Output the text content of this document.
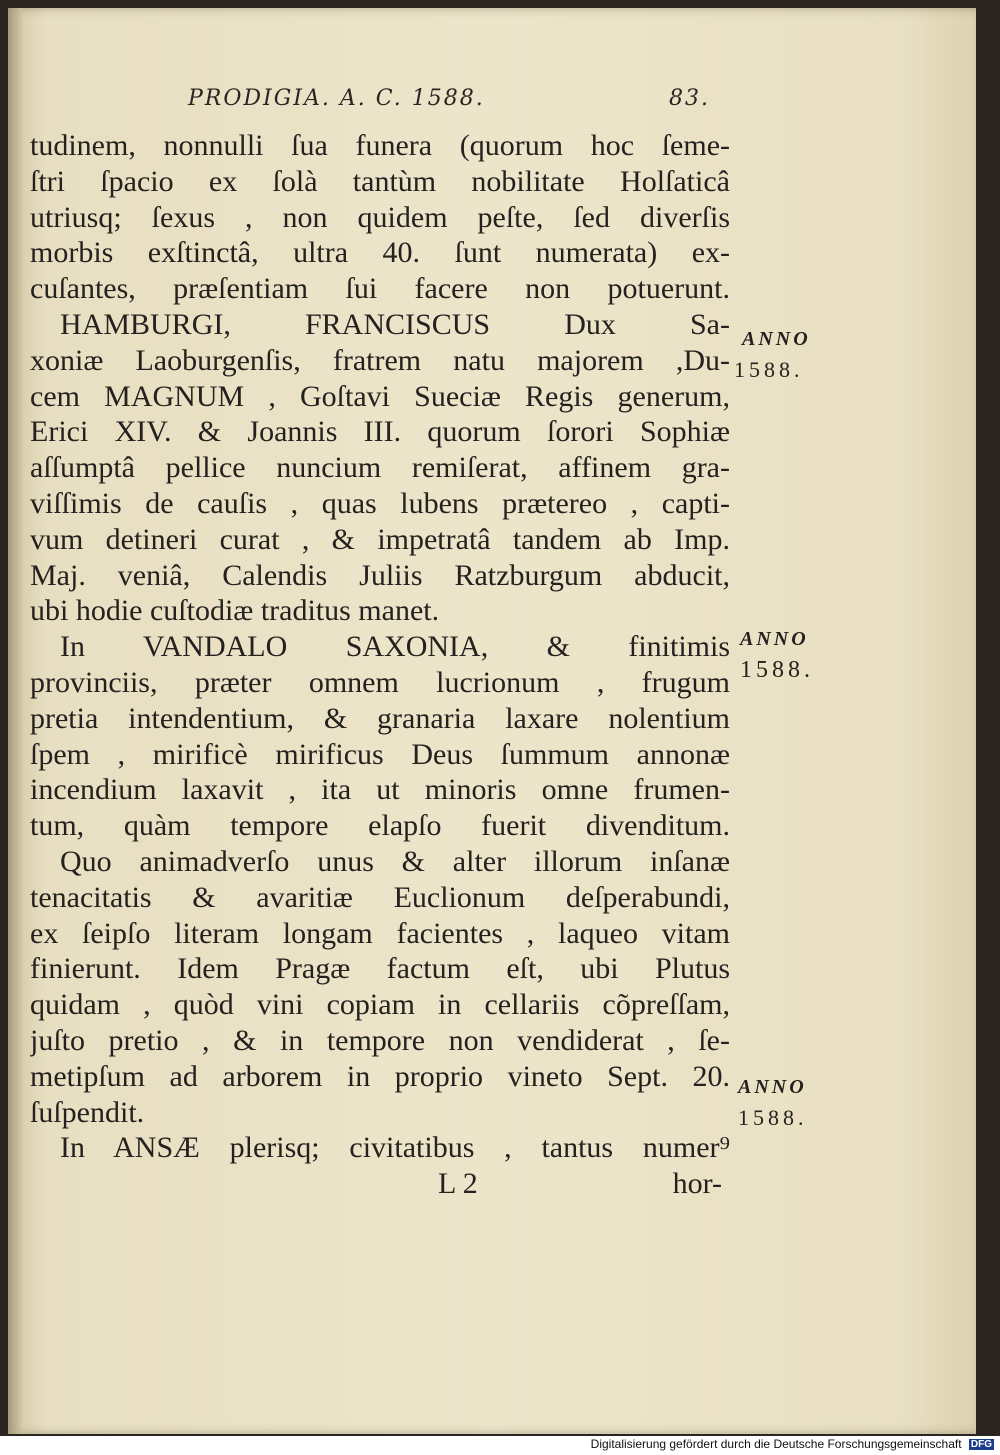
PRODIGIA. A. C. 1588.	83.
tudinem, nonnulli ſua funera (quorum hoc ſeme-
ſtri ſpacio ex ſolà tantùm nobilitate Holſaticâ
utriusq; ſexus , non quidem peſte, ſed diverſis
morbis exſtinctâ, ultra 40. ſunt numerata) ex-
cuſantes, præſentiam ſui facere non potuerunt.
HAMBURGI, FRANCISCUS Dux Sa-
xoniæ Laoburgenſis, fratrem natu majorem ,Du-
cem MAGNUM , Goſtavi Sueciæ Regis generum,
Erici XIV. & Joannis III. quorum ſorori Sophiæ
aſſumptâ pellice nuncium remiſerat, affinem gra-
viſſimis de cauſis , quas lubens prætereo , capti-
vum detineri curat , & impetratâ tandem ab Imp.
Maj. veniâ, Calendis Juliis Ratzburgum abducit,
ubi hodie cuſtodiæ traditus manet.
In VANDALO SAXONIA, & finitimis
provinciis, præter omnem lucrionum , frugum
pretia intendentium, & granaria laxare nolentium
ſpem , mirificè mirificus Deus ſummum annonæ
incendium laxavit , ita ut minoris omne frumen-
tum, quàm tempore elapſo fuerit divenditum.
Quo animadverſo unus & alter illorum inſanæ
tenacitatis & avaritiæ Euclionum deſperabundi,
ex ſeipſo literam longam facientes , laqueo vitam
finierunt. Idem Pragæ factum eſt, ubi Plutus
quidam , quòd vini copiam in cellariis cõpreſſam,
juſto pretio , & in tempore non vendiderat , ſe-
metipſum ad arborem in proprio vineto Sept. 20.
ſuſpendit.
In ANSÆ plerisq; civitatibus , tantus numer⁹
L 2	hor-
ANNO
1588.
ANNO
1588.
ANNO
1588.
Digitalisierung gefördert durch die Deutsche Forschungsgemeinschaft DFG
